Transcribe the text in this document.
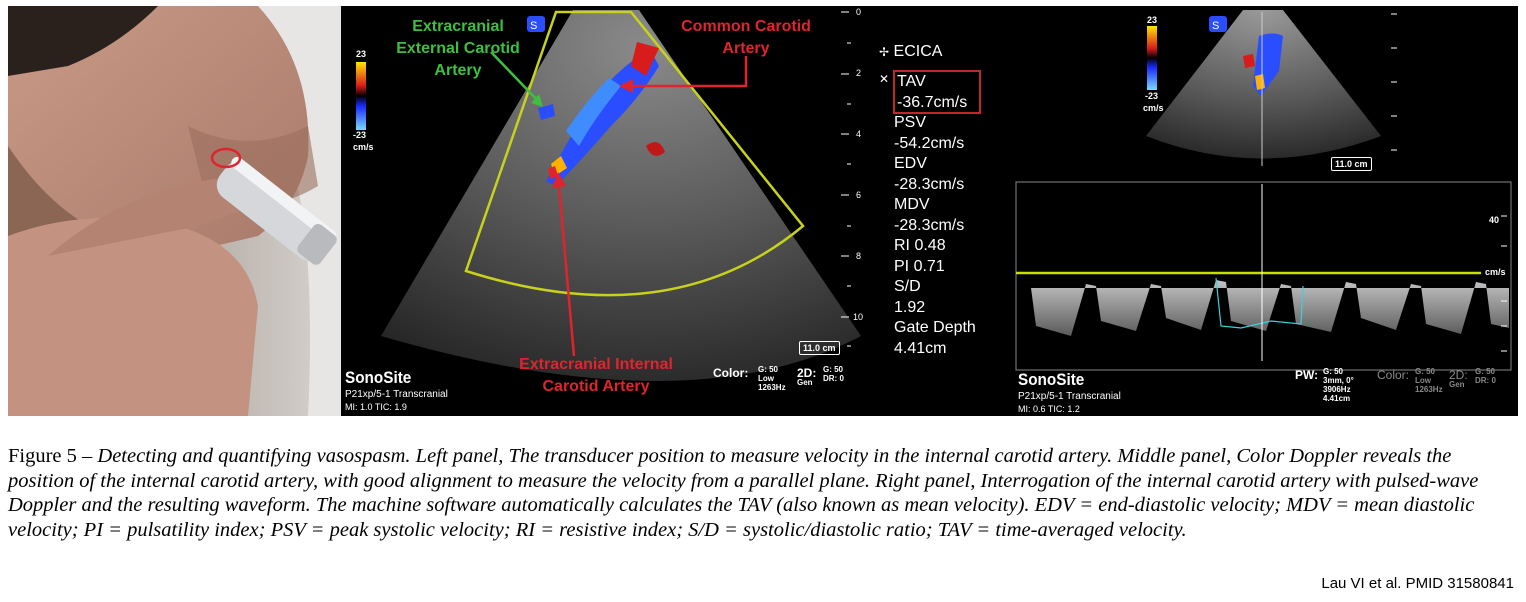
S
23
-23
cm/s
Extracranial External Carotid Artery
Common Carotid Artery
Extracranial Internal Carotid Artery
0
2
4
6
8
10
11.0 cm
SonoSite
P21xp/5-1 Transcranial
MI: 1.0 TIC: 1.9
Color: G: 50
Low
1263Hz
2D:
Gen
G: 50
DR: 0
✢ ECICA
✕ TAV
-36.7cm/s
PSV
-54.2cm/s
EDV
-28.3cm/s
MDV
-28.3cm/s
RI 0.48
PI 0.71
S/D
1.92
Gate Depth
4.41cm
S
23
-23
cm/s
11.0 cm
40
cm/s
SonoSite
P21xp/5-1 Transcranial
MI: 0.6 TIC: 1.2
PW: G: 50
3mm, 0°
3906Hz
4.41cm
Color: G: 50
Low
1263Hz
2D:
Gen
G: 50
DR: 0
Figure 5 – Detecting and quantifying vasospasm. Left panel, The transducer position to measure velocity in the internal carotid artery. Middle panel, Color Doppler reveals the position of the internal carotid artery, with good alignment to measure the velocity from a parallel plane. Right panel, Interrogation of the internal carotid artery with pulsed-wave Doppler and the resulting waveform. The machine software automatically calculates the TAV (also known as mean velocity). EDV = end-diastolic velocity; MDV = mean diastolic velocity; PI = pulsatility index; PSV = peak systolic velocity; RI = resistive index; S/D = systolic/diastolic ratio; TAV = time-averaged velocity.
Lau VI et al. PMID 31580841
